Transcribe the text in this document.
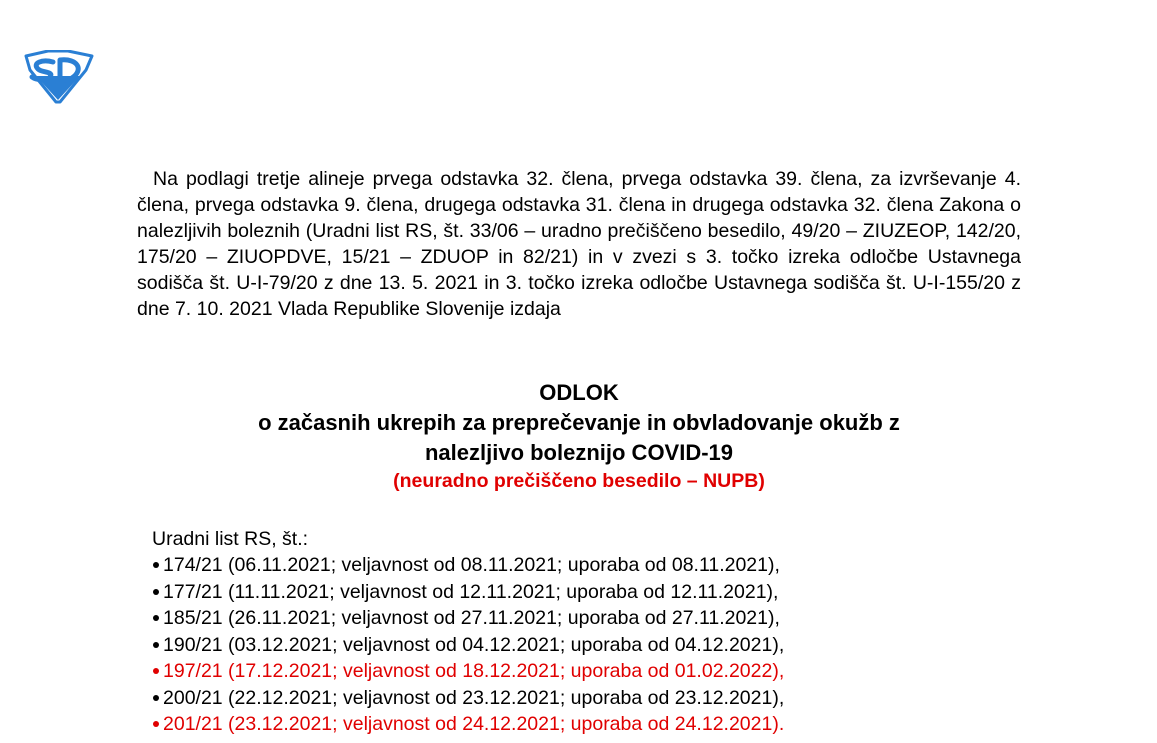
Na podlagi tretje alineje prvega odstavka 32. člena, prvega odstavka 39. člena, za izvrševanje 4. člena, prvega odstavka 9. člena, drugega odstavka 31. člena in drugega odstavka 32. člena Zakona o nalezljivih boleznih (Uradni list RS, št. 33/06 – uradno prečiščeno besedilo, 49/20 – ZIUZEOP, 142/20, 175/20 – ZIUOPDVE, 15/21 – ZDUOP in 82/21) in v zvezi s 3. točko izreka odločbe Ustavnega sodišča št. U-I-79/20 z dne 13. 5. 2021 in 3. točko izreka odločbe Ustavnega sodišča št. U-I-155/20 z dne 7. 10. 2021 Vlada Republike Slovenije izdaja

ODLOK

o začasnih ukrepih za preprečevanje in obvladovanje okužb z

nalezljivo boleznijo COVID-19

(neuradno prečiščeno besedilo – NUPB)

Uradni list RS, št.:

174/21 (06.11.2021; veljavnost od 08.11.2021; uporaba od 08.11.2021),
177/21 (11.11.2021; veljavnost od 12.11.2021; uporaba od 12.11.2021),
185/21 (26.11.2021; veljavnost od 27.11.2021; uporaba od 27.11.2021),
190/21 (03.12.2021; veljavnost od 04.12.2021; uporaba od 04.12.2021),
197/21 (17.12.2021; veljavnost od 18.12.2021; uporaba od 01.02.2022),
200/21 (22.12.2021; veljavnost od 23.12.2021; uporaba od 23.12.2021),
201/21 (23.12.2021; veljavnost od 24.12.2021; uporaba od 24.12.2021).
